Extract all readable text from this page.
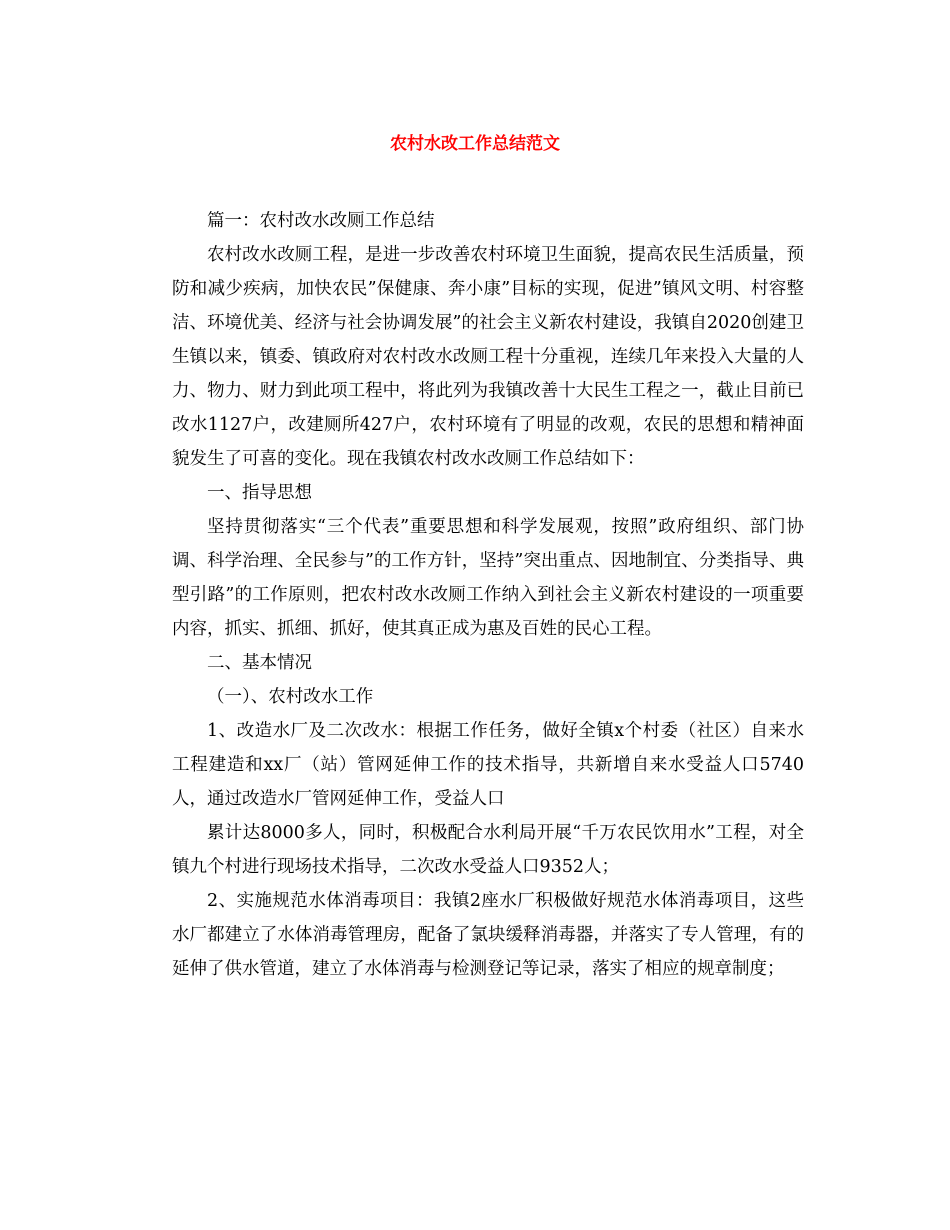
农村水改工作总结范文

篇一：农村改水改厕工作总结

农村改水改厕工程，是进一步改善农村环境卫生面貌，提高农民生活质量，预防和减少疾病，加快农民”保健康、奔小康”目标的实现，促进”镇风文明、村容整洁、环境优美、经济与社会协调发展”的社会主义新农村建设，我镇自2020创建卫生镇以来，镇委、镇政府对农村改水改厕工程十分重视，连续几年来投入大量的人力、物力、财力到此项工程中，将此列为我镇改善十大民生工程之一，截止目前已改水1127户，改建厕所427户，农村环境有了明显的改观，农民的思想和精神面貌发生了可喜的变化。现在我镇农村改水改厕工作总结如下：

一、指导思想

坚持贯彻落实“三个代表”重要思想和科学发展观，按照”政府组织、部门协调、科学治理、全民参与”的工作方针，坚持”突出重点、因地制宜、分类指导、典型引路”的工作原则，把农村改水改厕工作纳入到社会主义新农村建设的一项重要内容，抓实、抓细、抓好，使其真正成为惠及百姓的民心工程。

二、基本情况

（一）、农村改水工作

1、改造水厂及二次改水：根据工作任务，做好全镇x个村委（社区）自来水工程建造和xx厂（站）管网延伸工作的技术指导，共新增自来水受益人口5740人，通过改造水厂管网延伸工作，受益人口

累计达8000多人，同时，积极配合水利局开展“千万农民饮用水”工程，对全镇九个村进行现场技术指导，二次改水受益人口9352人；

2、实施规范水体消毒项目：我镇2座水厂积极做好规范水体消毒项目，这些水厂都建立了水体消毒管理房，配备了氯块缓释消毒器，并落实了专人管理，有的延伸了供水管道，建立了水体消毒与检测登记等记录，落实了相应的规章制度；
